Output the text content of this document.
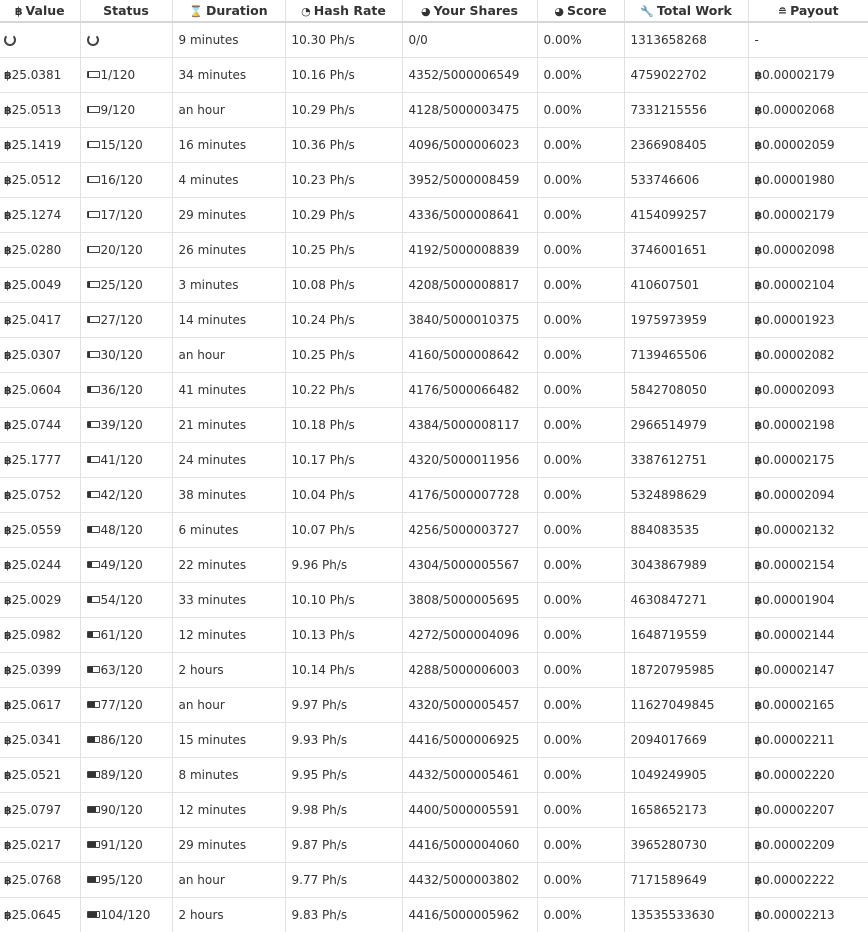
฿ Value	Status	⌛ Duration	◔ Hash Rate	◕ Your Shares	◕ Score	🔧 Total Work	≘ Payout
		9 minutes	10.30 Ph/s	0/0	0.00%	1313658268	-
฿25.0381	1/120	34 minutes	10.16 Ph/s	4352/5000006549	0.00%	4759022702	฿0.00002179
฿25.0513	9/120	an hour	10.29 Ph/s	4128/5000003475	0.00%	7331215556	฿0.00002068
฿25.1419	15/120	16 minutes	10.36 Ph/s	4096/5000006023	0.00%	2366908405	฿0.00002059
฿25.0512	16/120	4 minutes	10.23 Ph/s	3952/5000008459	0.00%	533746606	฿0.00001980
฿25.1274	17/120	29 minutes	10.29 Ph/s	4336/5000008641	0.00%	4154099257	฿0.00002179
฿25.0280	20/120	26 minutes	10.25 Ph/s	4192/5000008839	0.00%	3746001651	฿0.00002098
฿25.0049	25/120	3 minutes	10.08 Ph/s	4208/5000008817	0.00%	410607501	฿0.00002104
฿25.0417	27/120	14 minutes	10.24 Ph/s	3840/5000010375	0.00%	1975973959	฿0.00001923
฿25.0307	30/120	an hour	10.25 Ph/s	4160/5000008642	0.00%	7139465506	฿0.00002082
฿25.0604	36/120	41 minutes	10.22 Ph/s	4176/5000066482	0.00%	5842708050	฿0.00002093
฿25.0744	39/120	21 minutes	10.18 Ph/s	4384/5000008117	0.00%	2966514979	฿0.00002198
฿25.1777	41/120	24 minutes	10.17 Ph/s	4320/5000011956	0.00%	3387612751	฿0.00002175
฿25.0752	42/120	38 minutes	10.04 Ph/s	4176/5000007728	0.00%	5324898629	฿0.00002094
฿25.0559	48/120	6 minutes	10.07 Ph/s	4256/5000003727	0.00%	884083535	฿0.00002132
฿25.0244	49/120	22 minutes	9.96 Ph/s	4304/5000005567	0.00%	3043867989	฿0.00002154
฿25.0029	54/120	33 minutes	10.10 Ph/s	3808/5000005695	0.00%	4630847271	฿0.00001904
฿25.0982	61/120	12 minutes	10.13 Ph/s	4272/5000004096	0.00%	1648719559	฿0.00002144
฿25.0399	63/120	2 hours	10.14 Ph/s	4288/5000006003	0.00%	18720795985	฿0.00002147
฿25.0617	77/120	an hour	9.97 Ph/s	4320/5000005457	0.00%	11627049845	฿0.00002165
฿25.0341	86/120	15 minutes	9.93 Ph/s	4416/5000006925	0.00%	2094017669	฿0.00002211
฿25.0521	89/120	8 minutes	9.95 Ph/s	4432/5000005461	0.00%	1049249905	฿0.00002220
฿25.0797	90/120	12 minutes	9.98 Ph/s	4400/5000005591	0.00%	1658652173	฿0.00002207
฿25.0217	91/120	29 minutes	9.87 Ph/s	4416/5000004060	0.00%	3965280730	฿0.00002209
฿25.0768	95/120	an hour	9.77 Ph/s	4432/5000003802	0.00%	7171589649	฿0.00002222
฿25.0645	104/120	2 hours	9.83 Ph/s	4416/5000005962	0.00%	13535533630	฿0.00002213
